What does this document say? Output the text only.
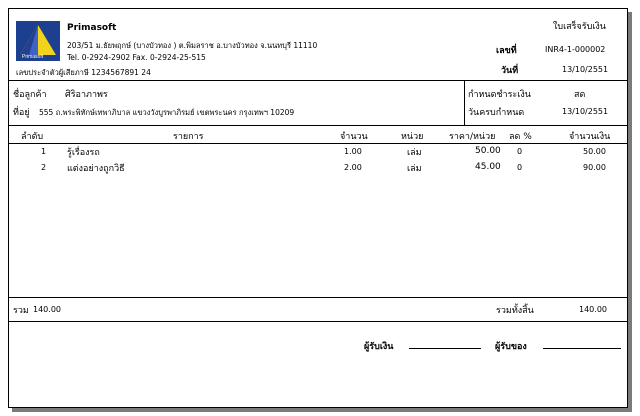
Primasoft
Primasoft
203/51 ม.ธัยพฤกษ์ (บางบัวทอง ) ต.พิมลราช อ.บางบัวทอง จ.นนทบุรี 11110
Tel. 0-2924-2902 Fax. 0-2924-25-515
เลขประจำตัวผู้เสียภาษี 1234567891 24
ใบเสร็จรับเงิน
เลขที่	INR4-1-000002
วันที่	13/10/2551
ชื่อลูกค้า ศิริอาภาพร
ที่อยู่ 555 ถ.พระพิทักษ์เทพาภิบาล แขวงวังบูรพาภิรมย์ เขตพระนคร กรุงเทพฯ 10209
กำหนดชำระเงิน	สด
วันครบกำหนด	13/10/2551
ลำดับ	รายการ	จำนวน	หน่วย	ราคา/หน่วย ลด %	จำนวนเงิน
1 รู้เรื่องรถ	1.00	เล่ม	50.00 0	50.00
2 แต่งอย่างถูกวิธี	2.00	เล่ม	45.00 0	90.00
รวม 140.00	รวมทั้งสิ้น	140.00
ผู้รับเงิน	ผู้รับของ
